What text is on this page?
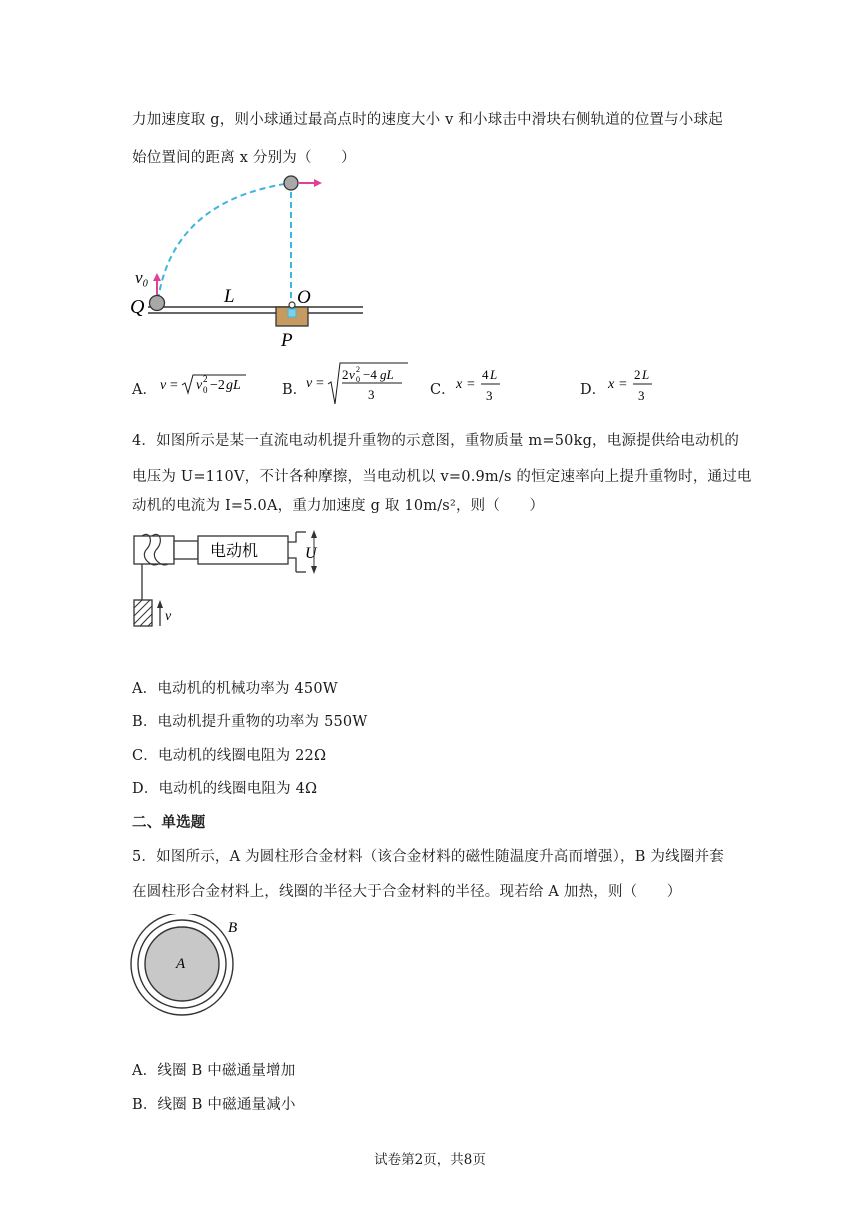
力加速度取 g，则小球通过最高点时的速度大小 v 和小球击中滑块右侧轨道的位置与小球起
始位置间的距离 x 分别为（　　）
v₀
Q	L	O
P
A． v = v 2
0 −2 gL	B．
v =
2 v 2
0 −4 gL
3	C． x =
4 L
3	D． x =
2 L
3
4．如图所示是某一直流电动机提升重物的示意图，重物质量 m=50kg，电源提供给电动机的
电压为 U=110V，不计各种摩擦，当电动机以 v=0.9m/s 的恒定速率向上提升重物时，通过电
动机的电流为 I=5.0A，重力加速度 g 取 10m/s²，则（　　）
电动机	U
v
A．电动机的机械功率为 450W
B．电动机提升重物的功率为 550W
C．电动机的线圈电阻为 22Ω
D．电动机的线圈电阻为 4Ω
二、单选题
5．如图所示，A 为圆柱形合金材料（该合金材料的磁性随温度升高而增强），B 为线圈并套
在圆柱形合金材料上，线圈的半径大于合金材料的半径。现若给 A 加热，则（　　）
A
B
A．线圈 B 中磁通量增加
B．线圈 B 中磁通量减小
试卷第2页，共8页
